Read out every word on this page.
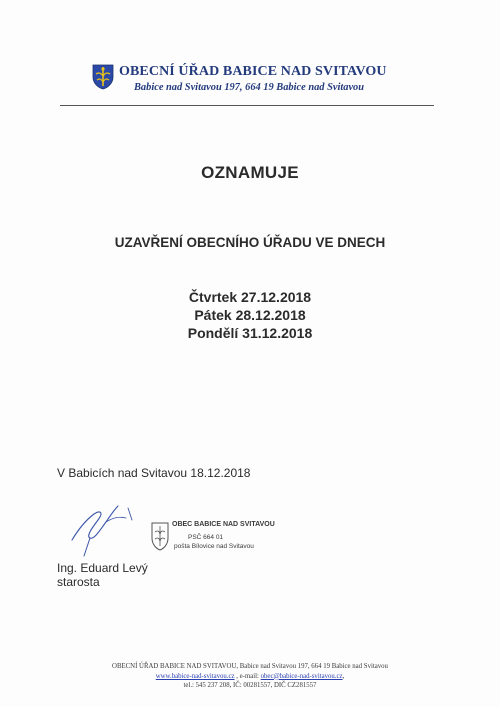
OBECNÍ ÚŘAD BABICE NAD SVITAVOU
Babice nad Svitavou 197, 664 19 Babice nad Svitavou
OZNAMUJE
UZAVŘENÍ OBECNÍHO ÚŘADU VE DNECH
Čtvrtek 27.12.2018
Pátek 28.12.2018
Pondělí 31.12.2018
V Babicích nad Svitavou 18.12.2018
OBEC BABICE NAD SVITAVOU
PSČ 664 01
pošta Bílovice nad Svitavou
Ing. Eduard Levý
starosta
OBECNÍ ÚŘAD BABICE NAD SVITAVOU, Babice nad Svitavou 197, 664 19 Babice nad Svitavou
www.babice-nad-svitavou.cz , e-mail: obec@babice-nad-svitavou.cz,
tel.: 545 237 208, IČ: 00281557, DIČ CZ281557
